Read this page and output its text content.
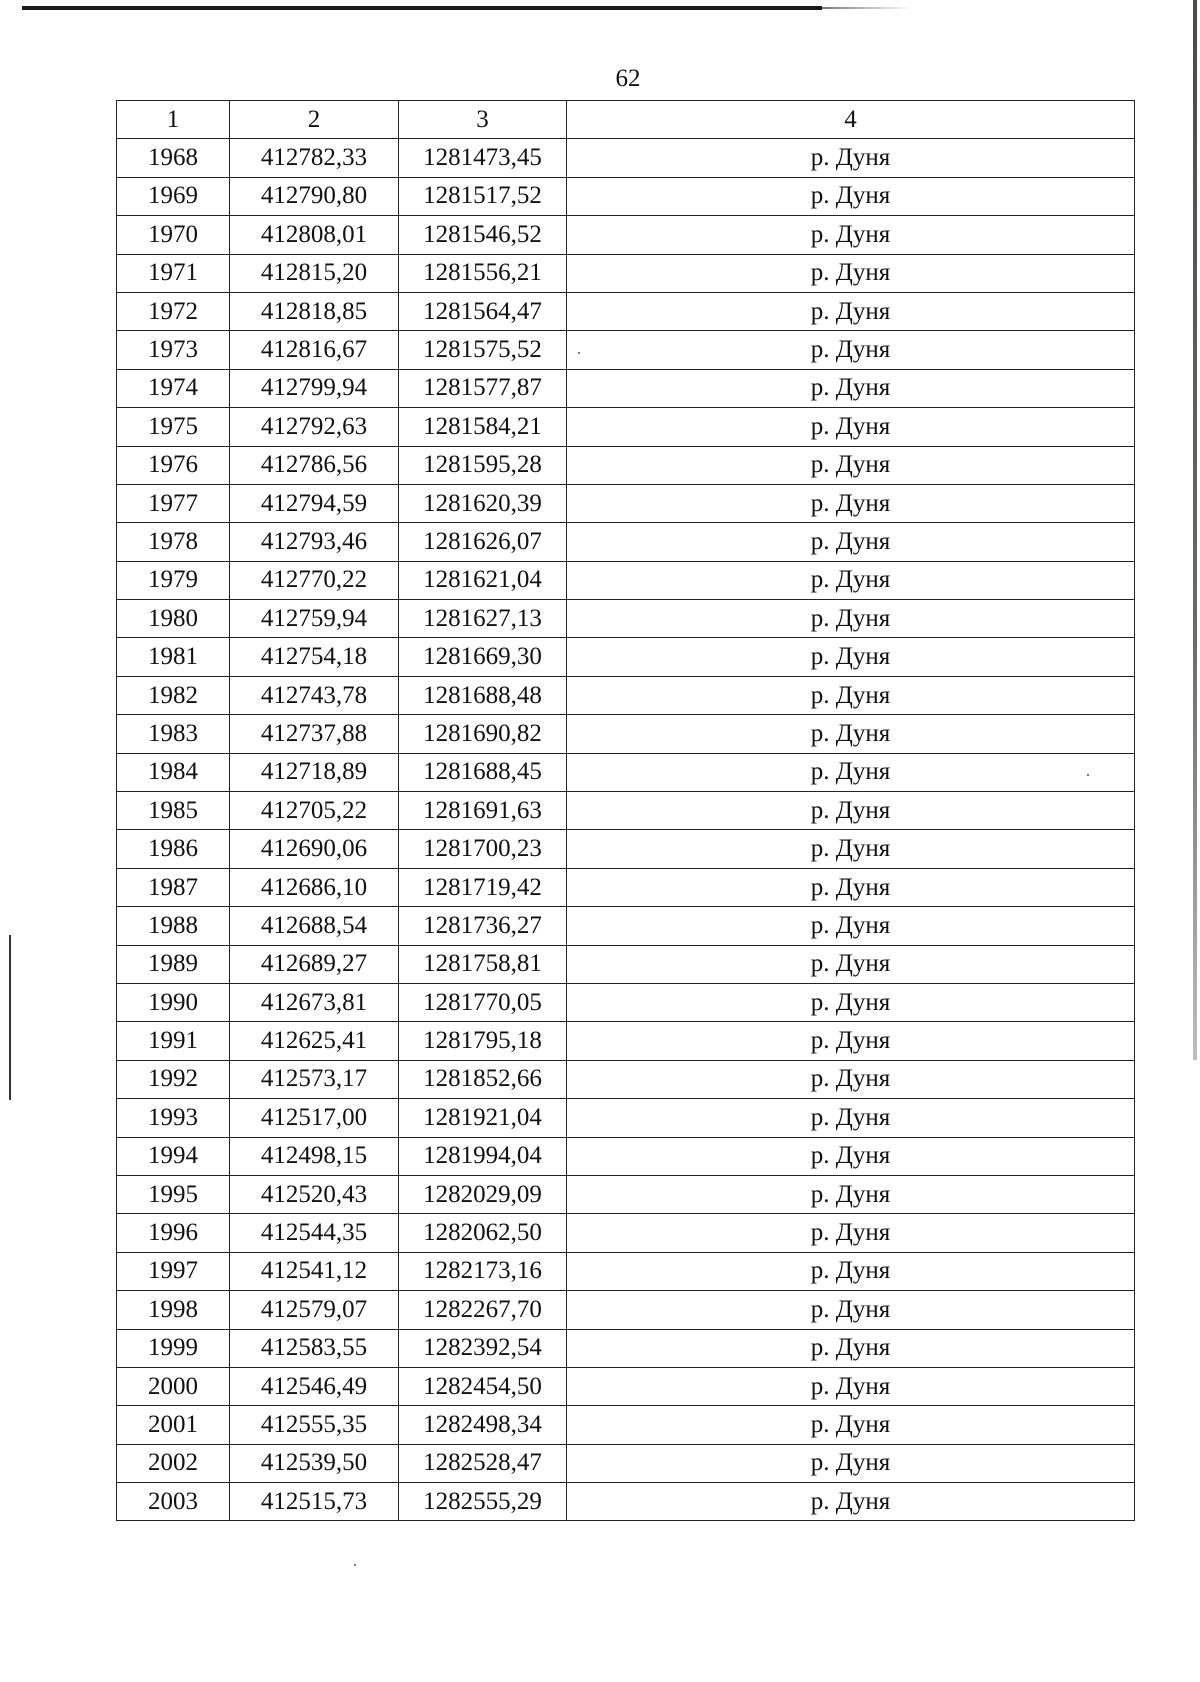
62
1	2	3	4
1968	412782,33	1281473,45	р. Дуня
1969	412790,80	1281517,52	р. Дуня
1970	412808,01	1281546,52	р. Дуня
1971	412815,20	1281556,21	р. Дуня
1972	412818,85	1281564,47	р. Дуня
1973	412816,67	1281575,52	р. Дуня
1974	412799,94	1281577,87	р. Дуня
1975	412792,63	1281584,21	р. Дуня
1976	412786,56	1281595,28	р. Дуня
1977	412794,59	1281620,39	р. Дуня
1978	412793,46	1281626,07	р. Дуня
1979	412770,22	1281621,04	р. Дуня
1980	412759,94	1281627,13	р. Дуня
1981	412754,18	1281669,30	р. Дуня
1982	412743,78	1281688,48	р. Дуня
1983	412737,88	1281690,82	р. Дуня
1984	412718,89	1281688,45	р. Дуня
1985	412705,22	1281691,63	р. Дуня
1986	412690,06	1281700,23	р. Дуня
1987	412686,10	1281719,42	р. Дуня
1988	412688,54	1281736,27	р. Дуня
1989	412689,27	1281758,81	р. Дуня
1990	412673,81	1281770,05	р. Дуня
1991	412625,41	1281795,18	р. Дуня
1992	412573,17	1281852,66	р. Дуня
1993	412517,00	1281921,04	р. Дуня
1994	412498,15	1281994,04	р. Дуня
1995	412520,43	1282029,09	р. Дуня
1996	412544,35	1282062,50	р. Дуня
1997	412541,12	1282173,16	р. Дуня
1998	412579,07	1282267,70	р. Дуня
1999	412583,55	1282392,54	р. Дуня
2000	412546,49	1282454,50	р. Дуня
2001	412555,35	1282498,34	р. Дуня
2002	412539,50	1282528,47	р. Дуня
2003	412515,73	1282555,29	р. Дуня
